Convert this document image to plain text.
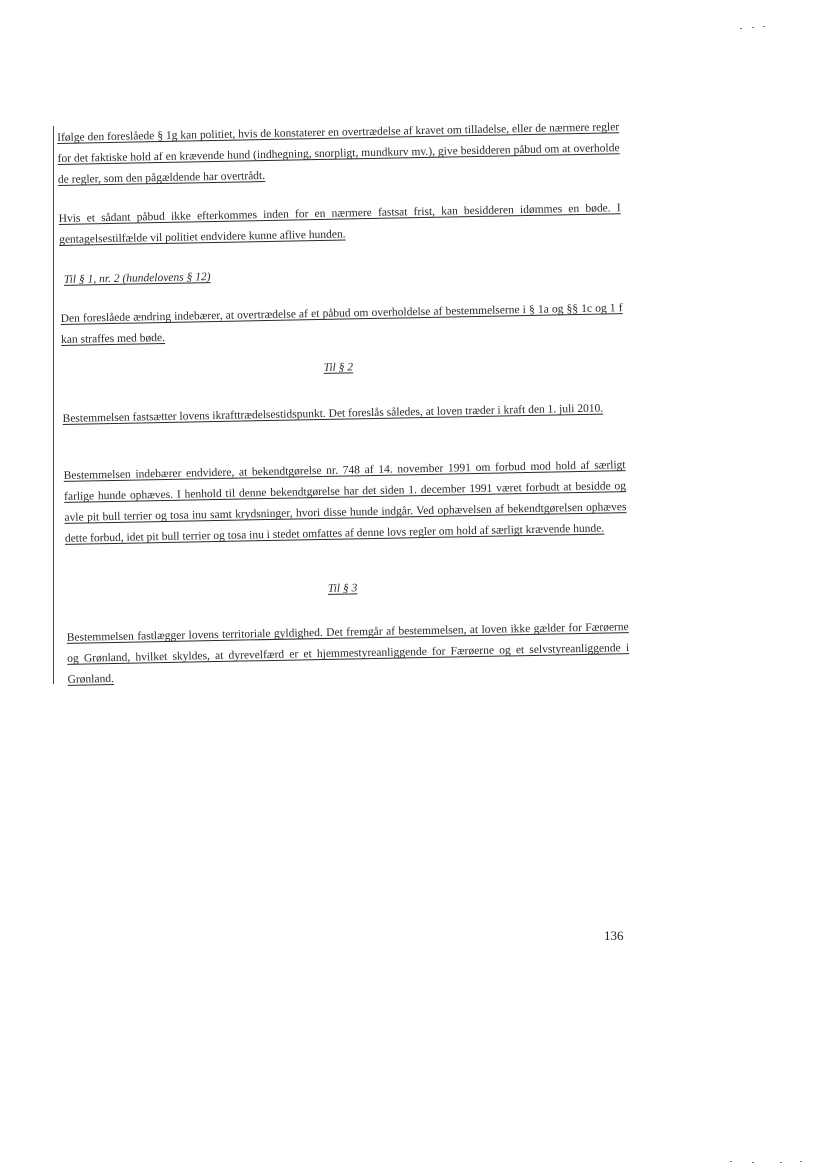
Ifølge den foreslåede § 1g kan politiet, hvis de konstaterer en overtrædelse af kravet om tilladelse, eller de nærmere regler for det faktiske hold af en krævende hund (indhegning, snorpligt, mundkurv mv.), give besidderen påbud om at overholde de regler, som den pågældende har overtrådt.

Hvis et sådant påbud ikke efterkommes inden for en nærmere fastsat frist, kan besidderen idømmes en bøde. I gentagelsestilfælde vil politiet endvidere kunne aflive hunden.

Til § 1, nr. 2 (hundelovens § 12)

Den foreslåede ændring indebærer, at overtrædelse af et påbud om overholdelse af bestemmelserne i § 1a og §§ 1c og 1 f kan straffes med bøde.

Til § 2

Bestemmelsen fastsætter lovens ikrafttrædelsestidspunkt. Det foreslås således, at loven træder i kraft den 1. juli 2010.

Bestemmelsen indebærer endvidere, at bekendtgørelse nr. 748 af 14. november 1991 om forbud mod hold af særligt farlige hunde ophæves. I henhold til denne bekendtgørelse har det siden 1. december 1991 været forbudt at besidde og avle pit bull terrier og tosa inu samt krydsninger, hvori disse hunde indgår. Ved ophævelsen af bekendtgørelsen ophæves dette forbud, idet pit bull terrier og tosa inu i stedet omfattes af denne lovs regler om hold af særligt krævende hunde.

Til § 3

Bestemmelsen fastlægger lovens territoriale gyldighed. Det fremgår af bestemmelsen, at loven ikke gælder for Færøerne og Grønland, hvilket skyldes, at dyrevelfærd er et hjemmestyreanliggende for Færøerne og et selvstyreanliggende i Grønland.

136
